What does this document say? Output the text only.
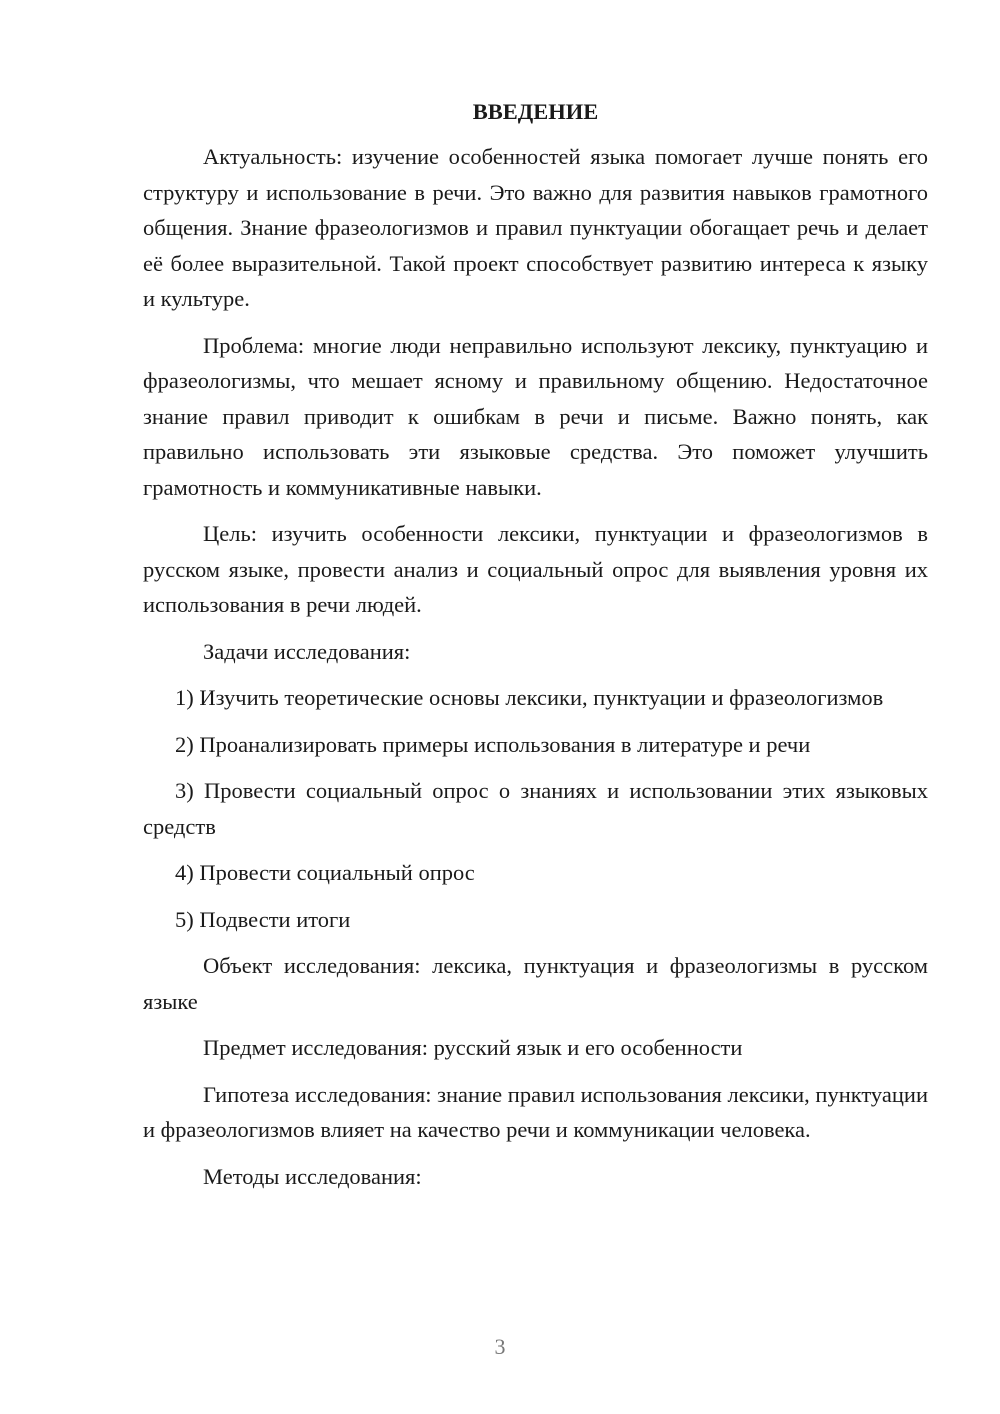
ВВЕДЕНИЕ

Актуальность: изучение особенностей языка помогает лучше понять его структуру и использование в речи. Это важно для развития навыков грамотного общения. Знание фразеологизмов и правил пунктуации обогащает речь и делает её более выразительной. Такой проект способствует развитию интереса к языку и культуре.

Проблема: многие люди неправильно используют лексику, пунктуацию и фразеологизмы, что мешает ясному и правильному общению. Недостаточное знание правил приводит к ошибкам в речи и письме. Важно понять, как правильно использовать эти языковые средства. Это поможет улучшить грамотность и коммуникативные навыки.

Цель: изучить особенности лексики, пунктуации и фразеологизмов в русском языке, провести анализ и социальный опрос для выявления уровня их использования в речи людей.

Задачи исследования:

1) Изучить теоретические основы лексики, пунктуации и фразеологизмов

2) Проанализировать примеры использования в литературе и речи

3) Провести социальный опрос о знаниях и использовании этих языковых средств

4) Провести социальный опрос

5) Подвести итоги

Объект исследования: лексика, пунктуация и фразеологизмы в русском языке

Предмет исследования: русский язык и его особенности

Гипотеза исследования: знание правил использования лексики, пунктуации и фразеологизмов влияет на качество речи и коммуникации человека.

Методы исследования:

3
